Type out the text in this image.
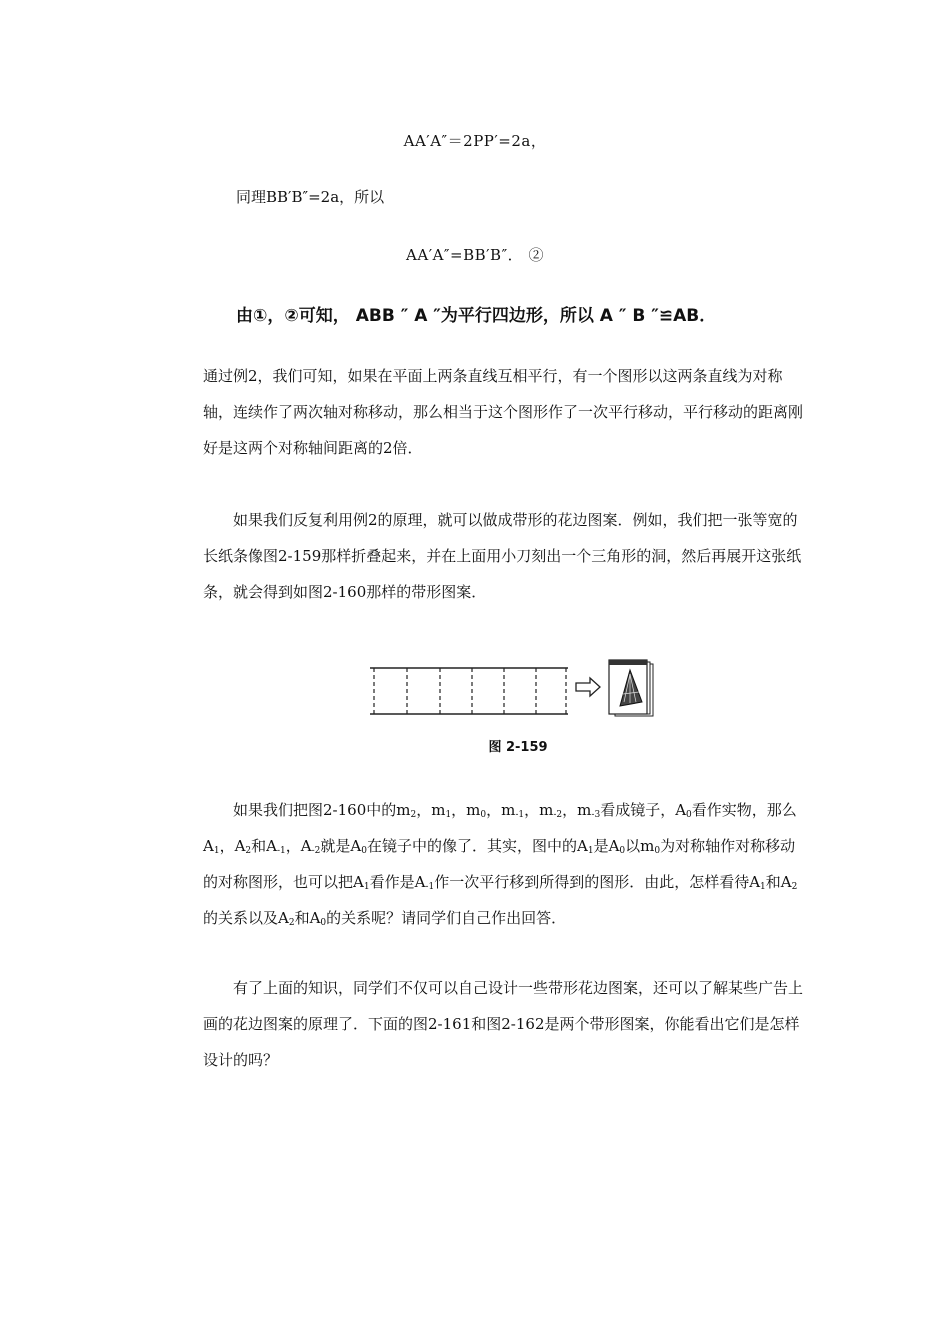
AA′A″＝2PP′=2a，
同理BB′B″=2a，所以
AA′A″=BB′B″． ②
由①，②可知， ABB ″ A ″为平行四边形，所以 A ″ B ″≌AB．

通过例2，我们可知，如果在平面上两条直线互相平行，有一个图形以这两条直线为对称轴，连续作了两次轴对称移动，那么相当于这个图形作了一次平行移动，平行移动的距离刚好是这两个对称轴间距离的2倍．

如果我们反复利用例2的原理，就可以做成带形的花边图案．例如，我们把一张等宽的长纸条像图2-159那样折叠起来，并在上面用小刀刻出一个三角形的洞，然后再展开这张纸条，就会得到如图2-160那样的带形图案．

图 2-159

如果我们把图2-160中的$m_2$，$m_1$，$m_0$，$m_{-1}$，$m_{-2}$，$m_{-3}$看成镜子，$A_0$看作实物，那么$A_1$，$A_2$和$A_{-1}$，$A_{-2}$就是$A_0$在镜子中的像了．其实，图中的$A_1$是$A_0$以$m_0$为对称轴作对称移动的对称图形，也可以把$A_1$看作是$A_{-1}$作一次平行移到所得到的图形．由此，怎样看待$A_1$和$A_2$的关系以及$A_2$和$A_0$的关系呢？请同学们自己作出回答．

有了上面的知识，同学们不仅可以自己设计一些带形花边图案，还可以了解某些广告上画的花边图案的原理了．下面的图2-161和图2-162是两个带形图案，你能看出它们是怎样设计的吗？
